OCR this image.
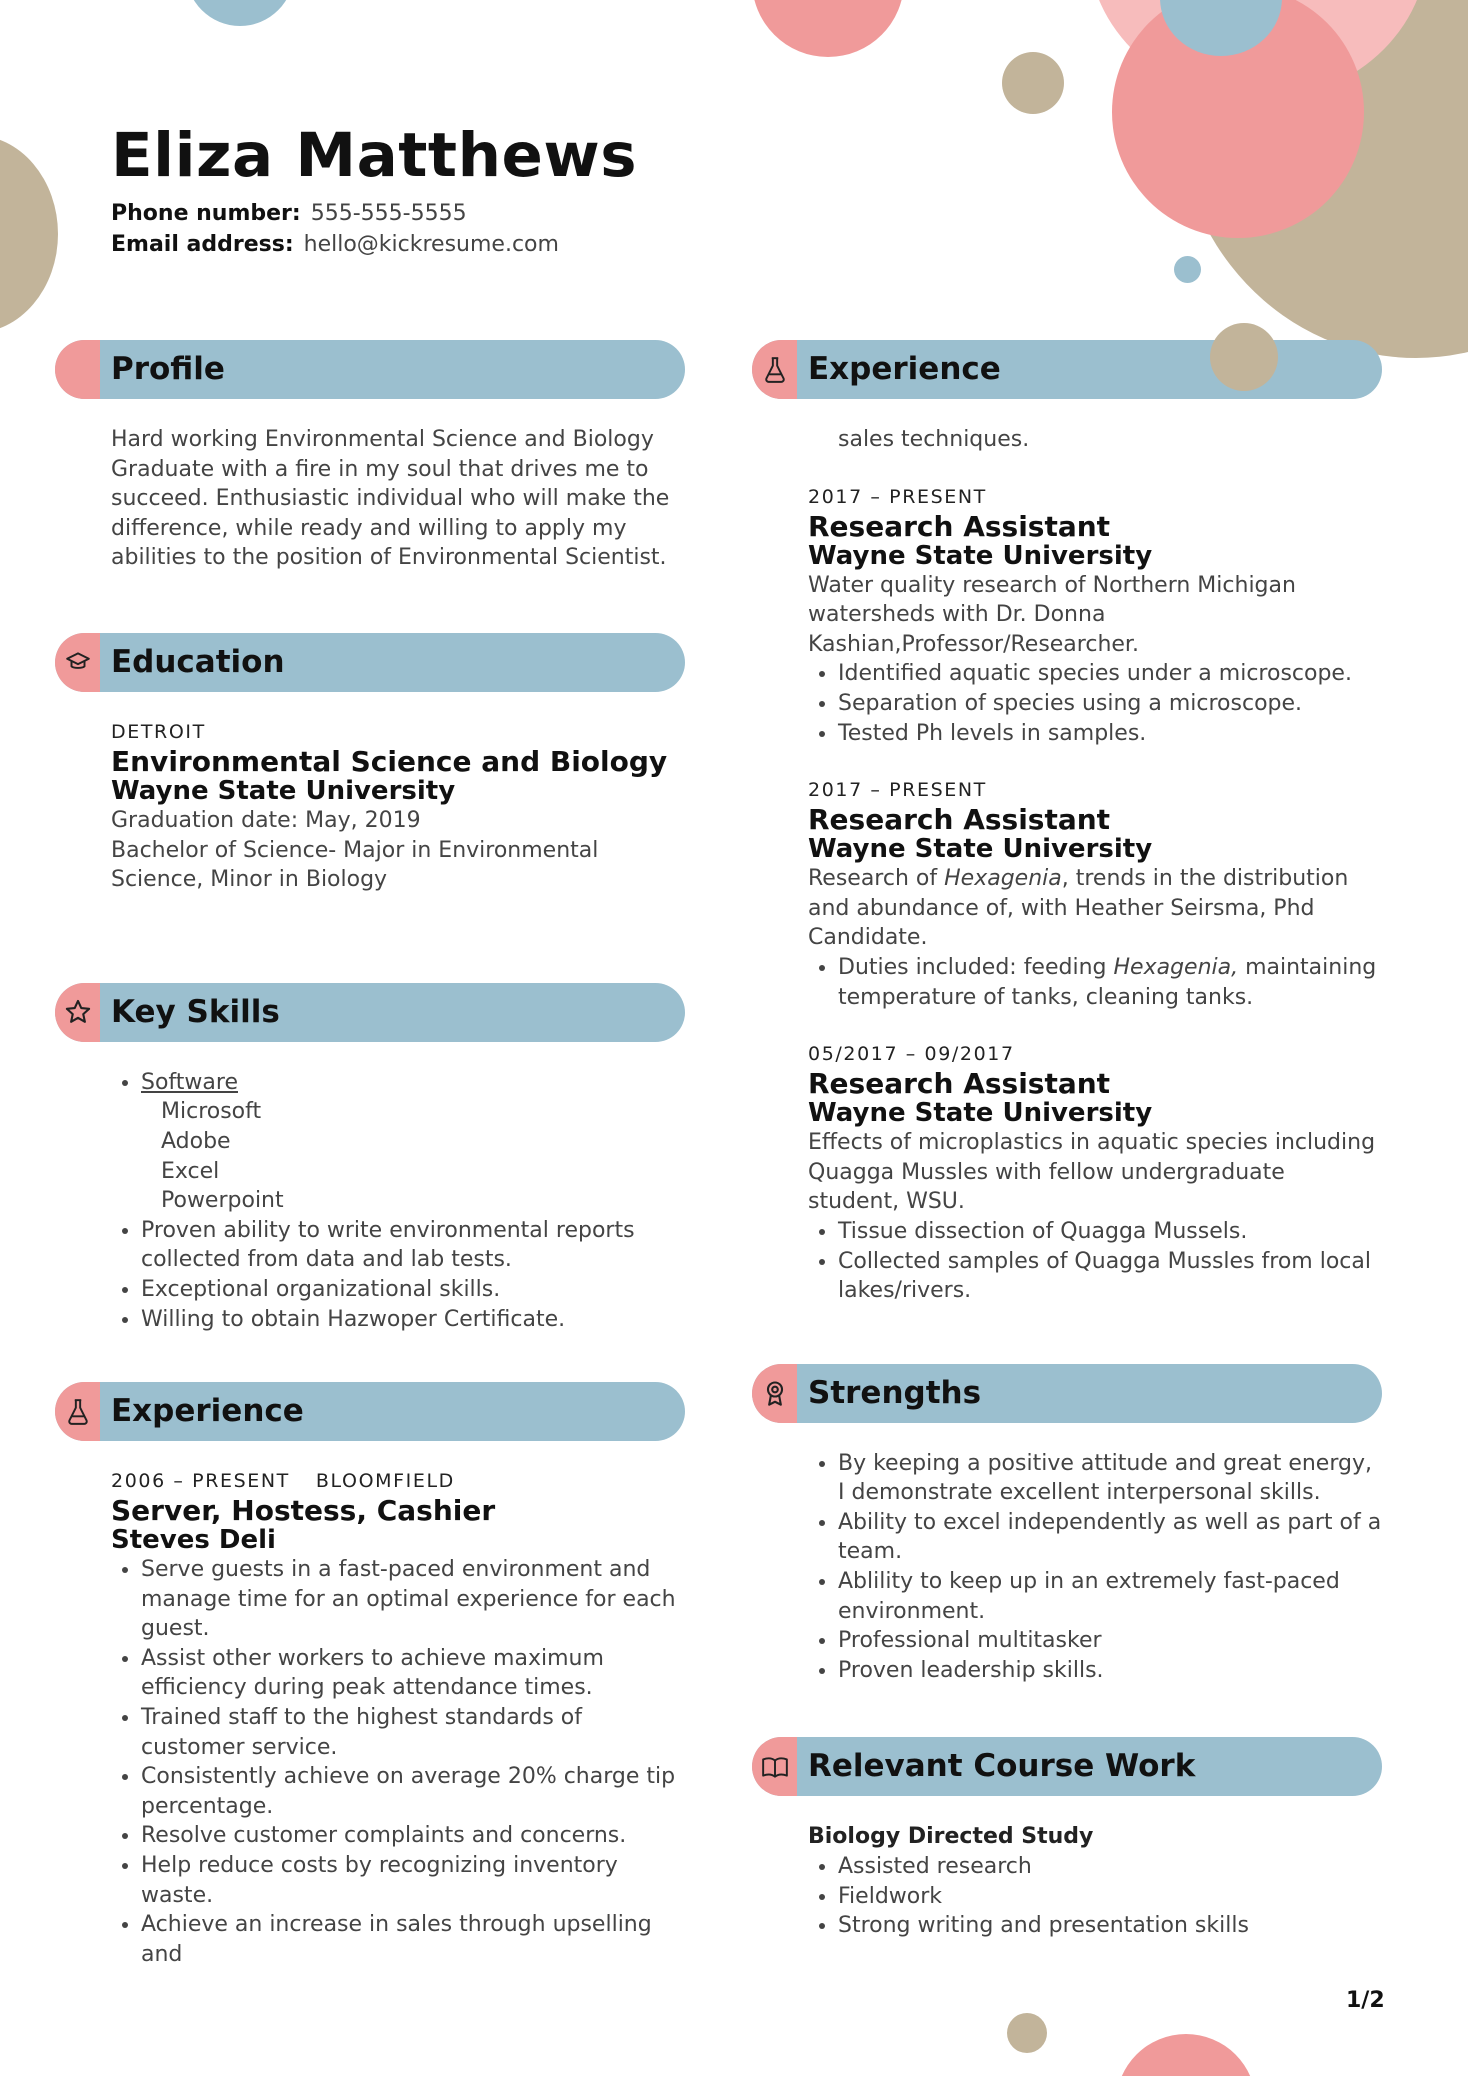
Eliza Matthews
Phone number: 555-555-5555
Email address: hello@kickresume.com
Profile

Hard working Environmental Science and Biology Graduate with a fire in my soul that drives me to succeed. Enthusiastic individual who will make the difference, while ready and willing to apply my abilities to the position of Environmental Scientist.

Education
DETROIT
Environmental Science and Biology
Wayne State University
Graduation date: May, 2019
Bachelor of Science- Major in Environmental Science, Minor in Biology
Key Skills
• Software
Microsoft
Adobe
Excel
Powerpoint
• Proven ability to write environmental reports collected from data and lab tests.
• Exceptional organizational skills.
• Willing to obtain Hazwoper Certificate.
Experience
2006 – PRESENT BLOOMFIELD
Server, Hostess, Cashier
Steves Deli
• Serve guests in a fast-paced environment and manage time for an optimal experience for each guest.
• Assist other workers to achieve maximum efficiency during peak attendance times.
• Trained staff to the highest standards of customer service.
• Consistently achieve on average 20% charge tip percentage.
• Resolve customer complaints and concerns.
• Help reduce costs by recognizing inventory waste.
• Achieve an increase in sales through upselling and
Experience
sales techniques.
2017 – PRESENT
Research Assistant
Wayne State University
Water quality research of Northern Michigan watersheds with Dr. Donna Kashian,Professor/Researcher.
• Identified aquatic species under a microscope.
• Separation of species using a microscope.
• Tested Ph levels in samples.
2017 – PRESENT
Research Assistant
Wayne State University
Research of Hexagenia, trends in the distribution and abundance of, with Heather Seirsma, Phd Candidate.
• Duties included: feeding Hexagenia, maintaining temperature of tanks, cleaning tanks.
05/2017 – 09/2017
Research Assistant
Wayne State University
Effects of microplastics in aquatic species including Quagga Mussles with fellow undergraduate student, WSU.
• Tissue dissection of Quagga Mussels.
• Collected samples of Quagga Mussles from local lakes/rivers.
Strengths
• By keeping a positive attitude and great energy, I demonstrate excellent interpersonal skills.
• Ability to excel independently as well as part of a team.
• Ablility to keep up in an extremely fast-paced environment.
• Professional multitasker
• Proven leadership skills.
Relevant Course Work
Biology Directed Study
• Assisted research
• Fieldwork
• Strong writing and presentation skills
1/2
